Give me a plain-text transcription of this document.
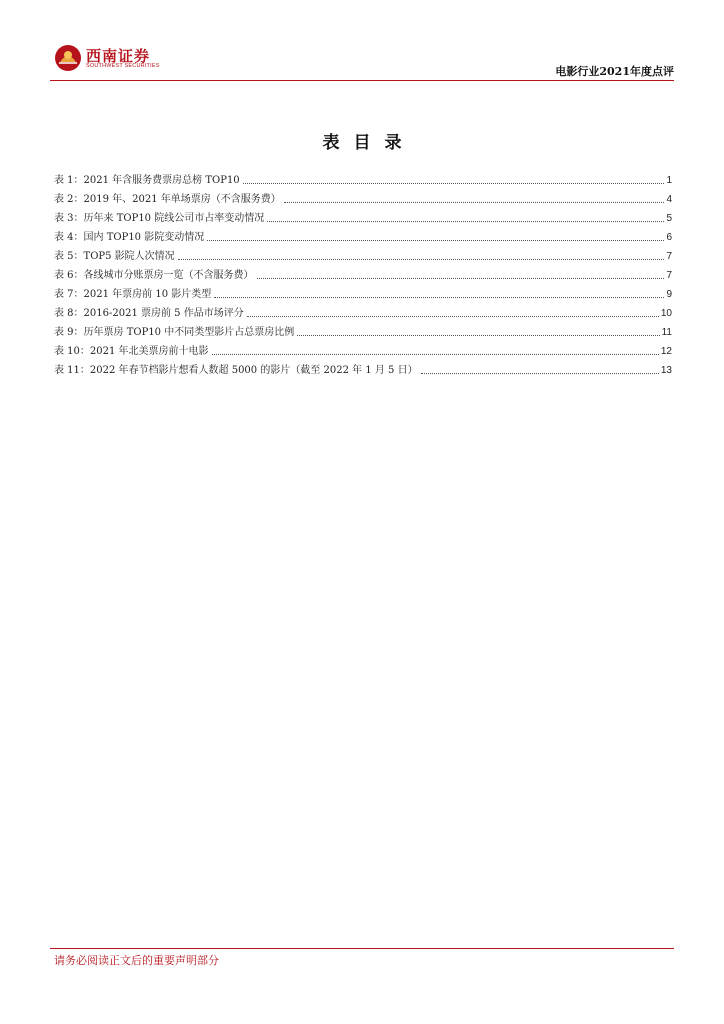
西南证券
SOUTHWEST SECURITIES	电影行业2021年度点评
表目录
表 1： 2021 年含服务费票房总榜 TOP10	1
表 2： 2019 年、2021 年单场票房（不含服务费）	4
表 3： 历年来 TOP10 院线公司市占率变动情况	5
表 4： 国内 TOP10 影院变动情况	6
表 5： TOP5 影院人次情况	7
表 6： 各线城市分账票房一览（不含服务费）	7
表 7： 2021 年票房前 10 影片类型	9
表 8： 2016-2021 票房前 5 作品市场评分	10
表 9： 历年票房 TOP10 中不同类型影片占总票房比例	11
表 10： 2021 年北美票房前十电影	12
表 11： 2022 年春节档影片想看人数超 5000 的影片（截至 2022 年 1 月 5 日）	13
请务必阅读正文后的重要声明部分
